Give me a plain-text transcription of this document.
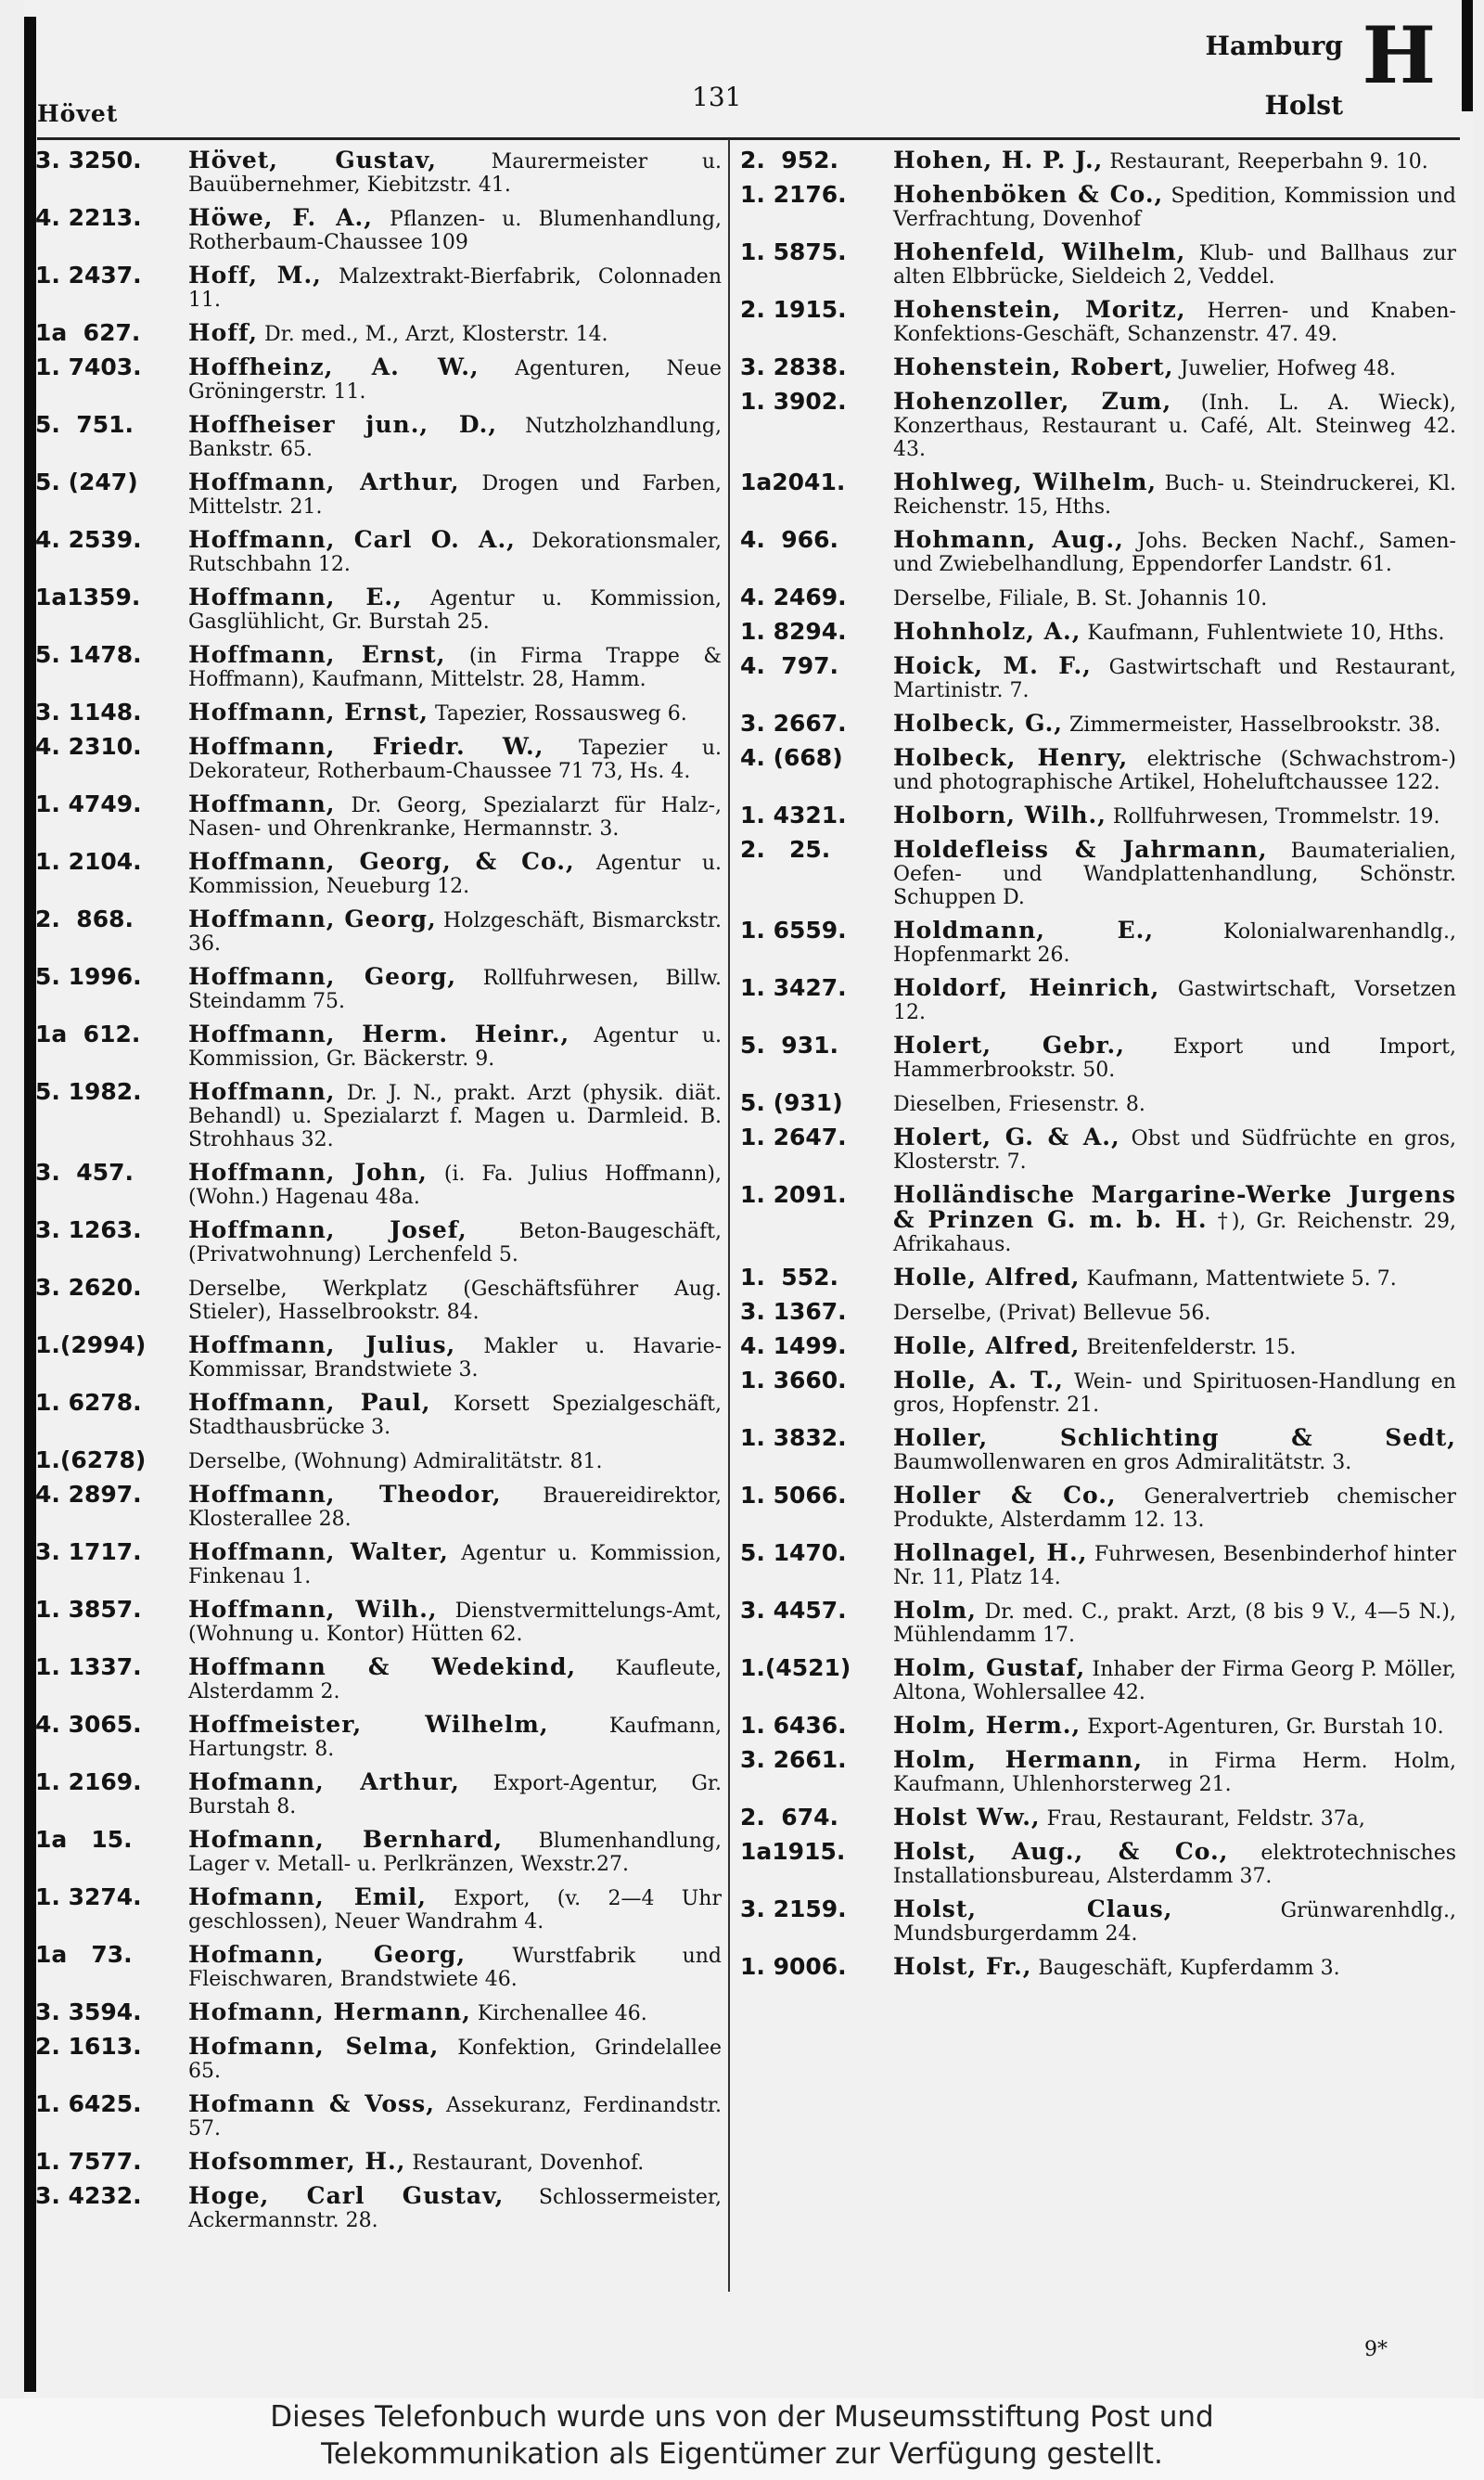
Hövet
131
Hamburg
Holst
H
3. 3250.	Hövet, Gustav,	Maurermeister u. Bauübernehmer, Kiebitzstr. 41.
4. 2213.	Höwe, F. A., Pflanzen- u. Blumenhandlung, Rotherbaum-Chaussee 109
1. 2437.	Hoff, M., Malzextrakt-Bierfabrik, Colonnaden 11.
1a  627.	Hoff, Dr. med., M., Arzt, Klosterstr. 14.
1. 7403.	Hoffheinz, A. W., Agenturen, Neue Gröningerstr. 11.
5.  751.	Hoffheiser jun., D., Nutzholzhandlung, Bankstr. 65.
5. (247)	Hoffmann, Arthur, Drogen und Farben, Mittelstr. 21.
4. 2539.	Hoffmann, Carl O. A., Dekorationsmaler, Rutschbahn 12.
1a1359.	Hoffmann, E., Agentur u. Kommission, Gasglühlicht, Gr. Burstah 25.
5. 1478.	Hoffmann, Ernst, (in Firma Trappe & Hoffmann), Kaufmann, Mittelstr. 28, Hamm.
3. 1148.	Hoffmann, Ernst, Tapezier, Rossausweg 6.
4. 2310.	Hoffmann, Friedr. W., Tapezier u. Dekorateur, Rotherbaum-Chaussee 71 73, Hs. 4.
1. 4749.	Hoffmann, Dr. Georg, Spezialarzt für Halz-, Nasen- und Ohrenkranke, Hermannstr. 3.
1. 2104.	Hoffmann, Georg, & Co., Agentur u. Kommission, Neueburg 12.
2.  868.	Hoffmann, Georg, Holzgeschäft, Bismarckstr. 36.
5. 1996.	Hoffmann, Georg, Rollfuhrwesen, Billw. Steindamm 75.
1a  612.	Hoffmann, Herm. Heinr., Agentur u. Kommission, Gr. Bäckerstr. 9.
5. 1982.	Hoffmann, Dr. J. N., prakt. Arzt (physik. diät. Behandl) u. Spezialarzt f. Magen u. Darmleid. B. Strohhaus 32.
3.  457.	Hoffmann, John, (i. Fa. Julius Hoffmann), (Wohn.) Hagenau 48a.
3. 1263.	Hoffmann, Josef,	Beton-Baugeschäft, (Privatwohnung) Lerchenfeld 5.
3. 2620.	Derselbe, Werkplatz (Geschäftsführer Aug. Stieler), Hasselbrookstr. 84.
1.(2994)	Hoffmann, Julius, Makler u. Havarie-Kommissar, Brandstwiete 3.
1. 6278.	Hoffmann, Paul, Korsett Spezialgeschäft, Stadthausbrücke 3.
1.(6278)	Derselbe, (Wohnung) Admiralitätstr. 81.
4. 2897.	Hoffmann, Theodor, Brauereidirektor, Klosterallee 28.
3. 1717.	Hoffmann, Walter, Agentur u. Kommission, Finkenau 1.
1. 3857.	Hoffmann, Wilh., Dienstvermittelungs-Amt, (Wohnung u. Kontor) Hütten 62.
1. 1337.	Hoffmann & Wedekind, Kaufleute, Alsterdamm 2.
4. 3065.	Hoffmeister, Wilhelm,	Kaufmann, Hartungstr. 8.
1. 2169.	Hofmann, Arthur, Export-Agentur, Gr. Burstah 8.
1a   15.	Hofmann, Bernhard, Blumenhandlung, Lager v. Metall- u. Perlkränzen, Wexstr.27.
1. 3274.	Hofmann, Emil, Export, (v. 2—4 Uhr geschlossen), Neuer Wandrahm 4.
1a   73.	Hofmann, Georg, Wurstfabrik und Fleischwaren, Brandstwiete 46.
3. 3594.	Hofmann, Hermann, Kirchenallee 46.
2. 1613.	Hofmann, Selma, Konfektion, Grindelallee 65.
1. 6425.	Hofmann & Voss, Assekuranz, Ferdinandstr. 57.
1. 7577.	Hofsommer, H., Restaurant, Dovenhof.
3. 4232.	Hoge, Carl Gustav, Schlossermeister, Ackermannstr. 28.
2.  952.	Hohen, H. P. J., Restaurant, Reeperbahn 9. 10.
1. 2176.	Hohenböken & Co., Spedition, Kommission und Verfrachtung, Dovenhof
1. 5875.	Hohenfeld, Wilhelm, Klub- und Ballhaus zur alten Elbbrücke, Sieldeich 2, Veddel.
2. 1915.	Hohenstein, Moritz, Herren- und Knaben-Konfektions-Geschäft, Schanzenstr. 47. 49.
3. 2838.	Hohenstein, Robert, Juwelier, Hofweg 48.
1. 3902.	Hohenzoller, Zum, (Inh. L. A. Wieck), Konzerthaus, Restaurant u. Café, Alt. Steinweg 42. 43.
1a2041.	Hohlweg, Wilhelm, Buch- u. Steindruckerei, Kl. Reichenstr. 15, Hths.
4.  966.	Hohmann, Aug., Johs. Becken Nachf., Samen- und Zwiebelhandlung, Eppendorfer Landstr. 61.
4. 2469.	Derselbe, Filiale, B. St. Johannis 10.
1. 8294.	Hohnholz, A., Kaufmann, Fuhlentwiete 10, Hths.
4.  797.	Hoick, M. F., Gastwirtschaft und Restaurant, Martinistr. 7.
3. 2667.	Holbeck, G., Zimmermeister, Hasselbrookstr. 38.
4. (668)	Holbeck, Henry, elektrische (Schwachstrom-) und photographische Artikel, Hoheluftchaussee 122.
1. 4321.	Holborn, Wilh., Rollfuhrwesen, Trommelstr. 19.
2.   25.	Holdefleiss & Jahrmann, Baumaterialien, Oefen- und Wandplattenhandlung, Schönstr. Schuppen D.
1. 6559.	Holdmann, E.,	Kolonialwarenhandlg., Hopfenmarkt 26.
1. 3427.	Holdorf, Heinrich, Gastwirtschaft, Vorsetzen 12.
5.  931.	Holert, Gebr., Export und Import, Hammerbrookstr. 50.
5. (931)	Dieselben, Friesenstr. 8.
1. 2647.	Holert, G. & A., Obst und Südfrüchte en gros, Klosterstr. 7.
1. 2091.	Holländische Margarine-Werke Jurgens & Prinzen G. m. b. H. †), Gr. Reichenstr. 29, Afrikahaus.
1.  552.	Holle, Alfred, Kaufmann, Mattentwiete 5. 7.
3. 1367.	Derselbe, (Privat) Bellevue 56.
4. 1499.	Holle, Alfred, Breitenfelderstr. 15.
1. 3660.	Holle, A. T., Wein- und Spirituosen-Handlung en gros, Hopfenstr. 21.
1. 3832.	Holler, Schlichting & Sedt, Baumwollenwaren en gros Admiralitätstr. 3.
1. 5066.	Holler & Co., Generalvertrieb chemischer Produkte, Alsterdamm 12. 13.
5. 1470.	Hollnagel, H., Fuhrwesen, Besenbinderhof hinter Nr. 11, Platz 14.
3. 4457.	Holm, Dr. med. C., prakt. Arzt, (8 bis 9 V., 4—5 N.), Mühlendamm 17.
1.(4521)	Holm, Gustaf, Inhaber der Firma Georg P. Möller, Altona, Wohlersallee 42.
1. 6436.	Holm, Herm., Export-Agenturen, Gr. Burstah 10.
3. 2661.	Holm, Hermann, in Firma Herm. Holm, Kaufmann, Uhlenhorsterweg 21.
2.  674.	Holst Ww., Frau, Restaurant, Feldstr. 37a,
1a1915.	Holst, Aug., & Co., elektrotechnisches Installationsbureau, Alsterdamm 37.
3. 2159.	Holst, Claus,	Grünwarenhdlg., Mundsburgerdamm 24.
1. 9006.	Holst, Fr., Baugeschäft, Kupferdamm 3.
9*
Dieses Telefonbuch wurde uns von der Museumsstiftung Post und
Telekommunikation als Eigentümer zur Verfügung gestellt.
